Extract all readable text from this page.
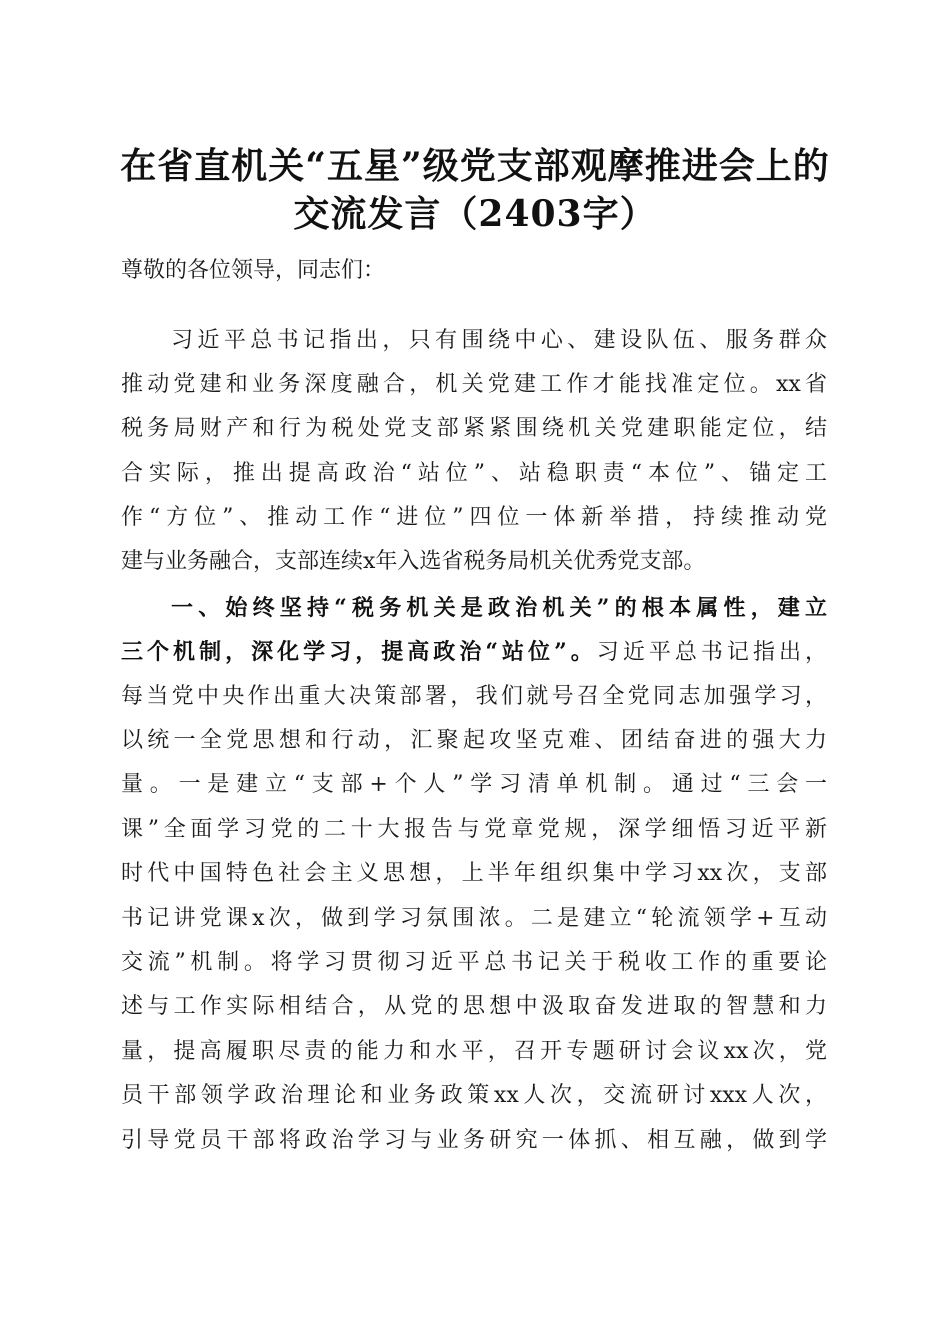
在省直机关“五星”级党支部观摩推进会上的
交流发言（2403字）
尊敬的各位领导，同志们：
习近平总书记指出，只有围绕中心、建设队伍、服务群众
推动党建和业务深度融合，机关党建工作才能找准定位。xx省
税务局财产和行为税处党支部紧紧围绕机关党建职能定位，结
合实际，推出提高政治“站位”、站稳职责“本位”、锚定工
作“方位”、推动工作“进位”四位一体新举措，持续推动党
建与业务融合，支部连续x年入选省税务局机关优秀党支部。
一、始终坚持“税务机关是政治机关”的根本属性，建立
三个机制，深化学习，提高政治“站位”。习近平总书记指出，
每当党中央作出重大决策部署，我们就号召全党同志加强学习，
以统一全党思想和行动，汇聚起攻坚克难、团结奋进的强大力
量。一是建立“支部+个人”学习清单机制。通过“三会一
课”全面学习党的二十大报告与党章党规，深学细悟习近平新
时代中国特色社会主义思想，上半年组织集中学习xx次，支部
书记讲党课x次，做到学习氛围浓。二是建立“轮流领学+互动
交流”机制。将学习贯彻习近平总书记关于税收工作的重要论
述与工作实际相结合，从党的思想中汲取奋发进取的智慧和力
量，提高履职尽责的能力和水平，召开专题研讨会议xx次，党
员干部领学政治理论和业务政策xx人次，交流研讨xxx人次，
引导党员干部将政治学习与业务研究一体抓、相互融，做到学
